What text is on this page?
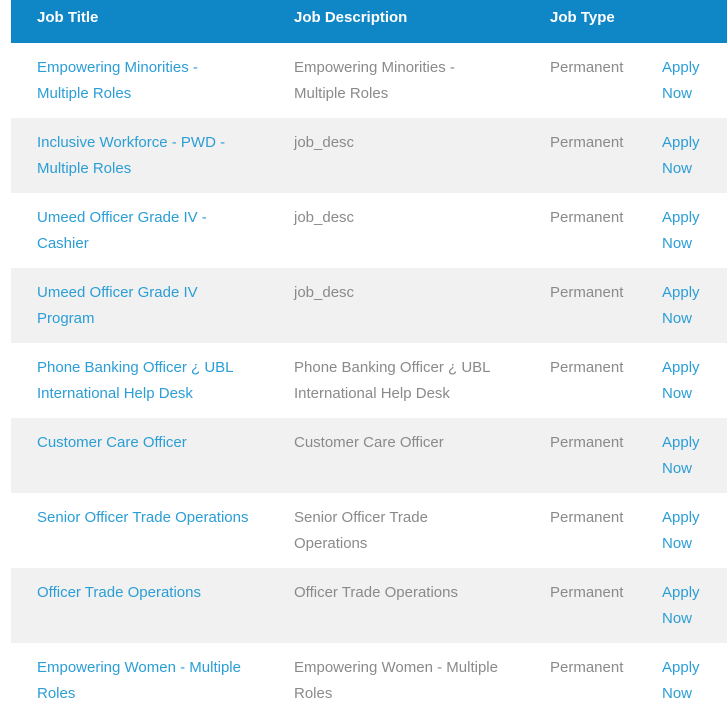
Job Title	Job Description	Job Type	
Empowering Minorities - Multiple Roles	Empowering Minorities - Multiple Roles	Permanent	Apply Now
Inclusive Workforce - PWD - Multiple Roles	job_desc	Permanent	Apply Now
Umeed Officer Grade IV - Cashier	job_desc	Permanent	Apply Now
Umeed Officer Grade IV Program	job_desc	Permanent	Apply Now
Phone Banking Officer ¿ UBL International Help Desk	Phone Banking Officer ¿ UBL International Help Desk	Permanent	Apply Now
Customer Care Officer	Customer Care Officer	Permanent	Apply Now
Senior Officer Trade Operations	Senior Officer Trade Operations	Permanent	Apply Now
Officer Trade Operations	Officer Trade Operations	Permanent	Apply Now
Empowering Women - Multiple Roles	Empowering Women - Multiple Roles	Permanent	Apply Now
